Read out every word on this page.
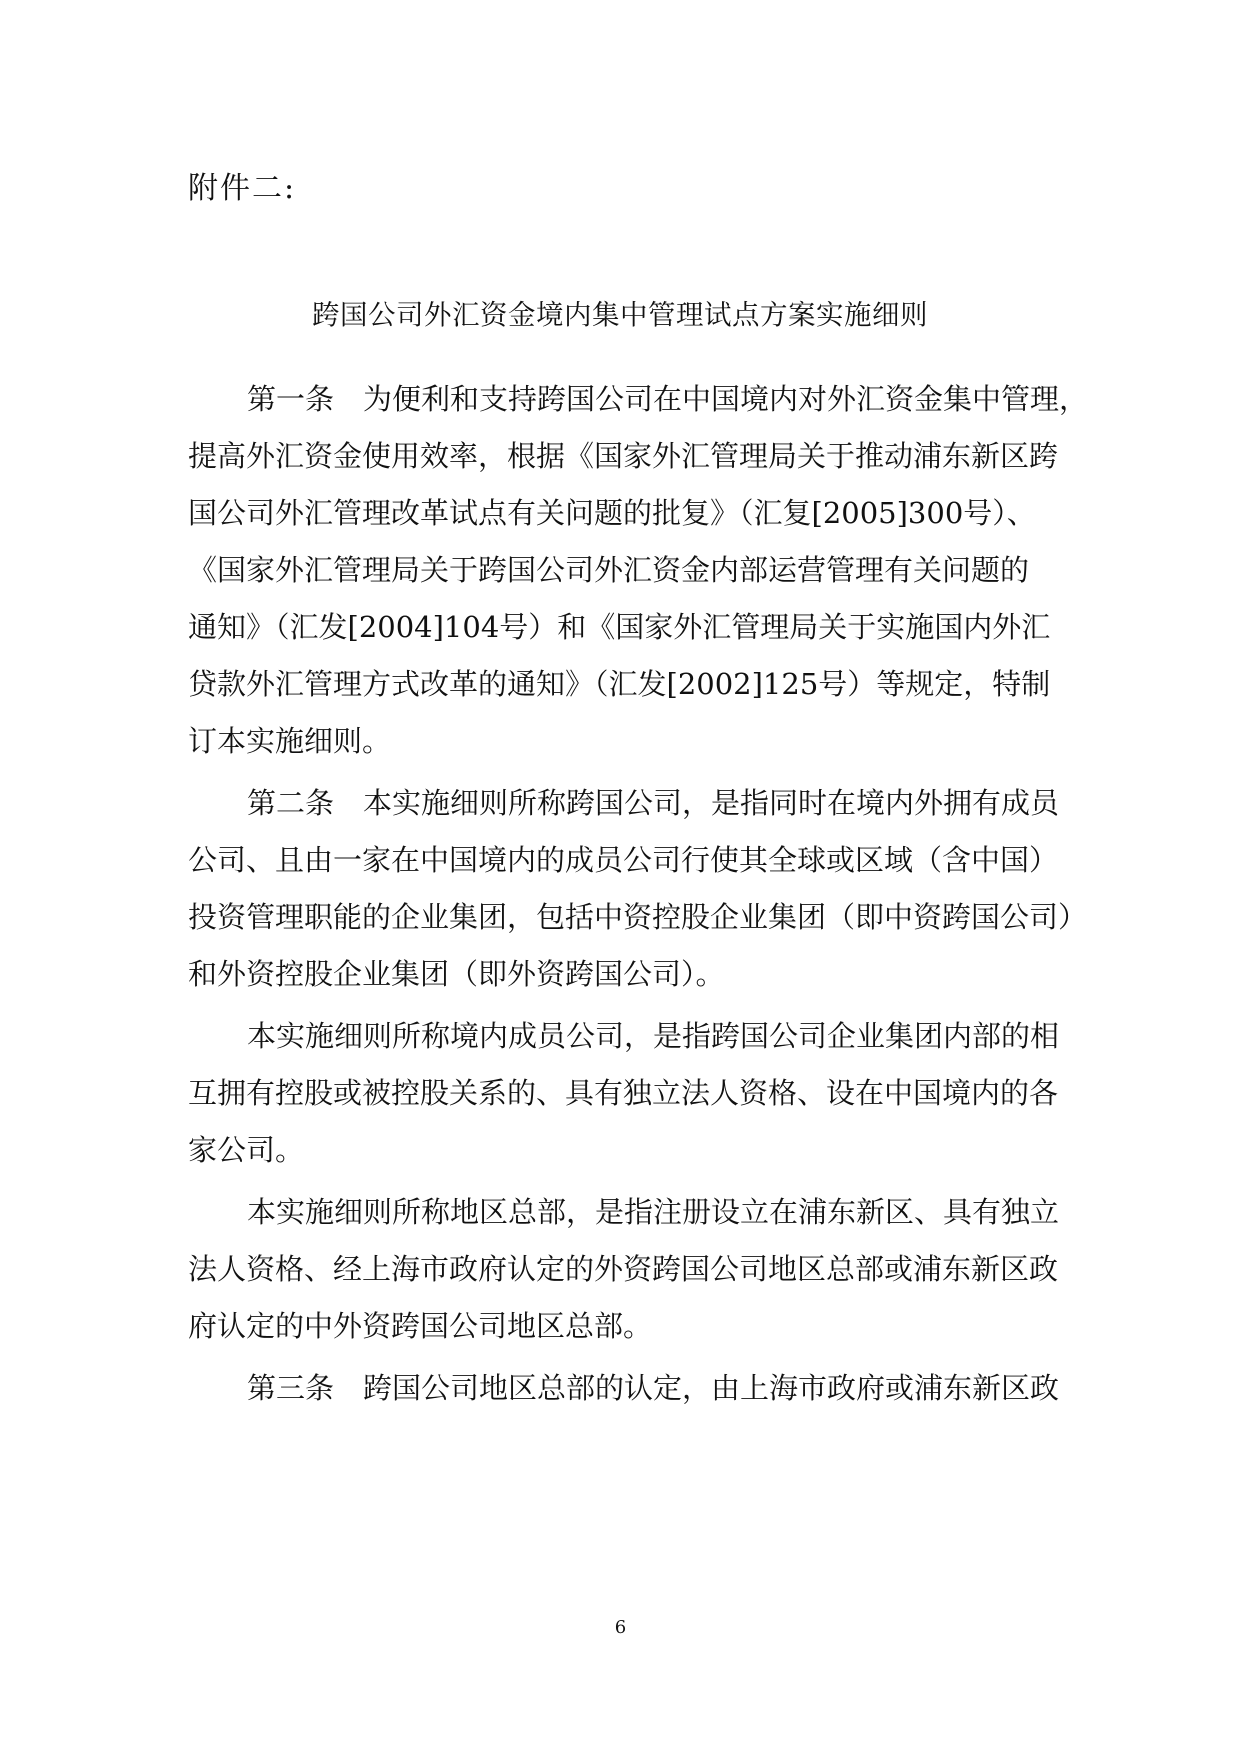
附件二:
跨国公司外汇资金境内集中管理试点方案实施细则
第一条　为便利和支持跨国公司在中国境内对外汇资金集中管理，
提高外汇资金使用效率，根据《国家外汇管理局关于推动浦东新区跨
国公司外汇管理改革试点有关问题的批复》（汇复[2005]300号）、
《国家外汇管理局关于跨国公司外汇资金内部运营管理有关问题的
通知》（汇发[2004]104号）和《国家外汇管理局关于实施国内外汇
贷款外汇管理方式改革的通知》（汇发[2002]125号）等规定，特制
订本实施细则。
第二条　本实施细则所称跨国公司，是指同时在境内外拥有成员
公司、且由一家在中国境内的成员公司行使其全球或区域（含中国）
投资管理职能的企业集团，包括中资控股企业集团（即中资跨国公司）
和外资控股企业集团（即外资跨国公司）。
本实施细则所称境内成员公司，是指跨国公司企业集团内部的相
互拥有控股或被控股关系的、具有独立法人资格、设在中国境内的各
家公司。
本实施细则所称地区总部，是指注册设立在浦东新区、具有独立
法人资格、经上海市政府认定的外资跨国公司地区总部或浦东新区政
府认定的中外资跨国公司地区总部。
第三条　跨国公司地区总部的认定，由上海市政府或浦东新区政
6
